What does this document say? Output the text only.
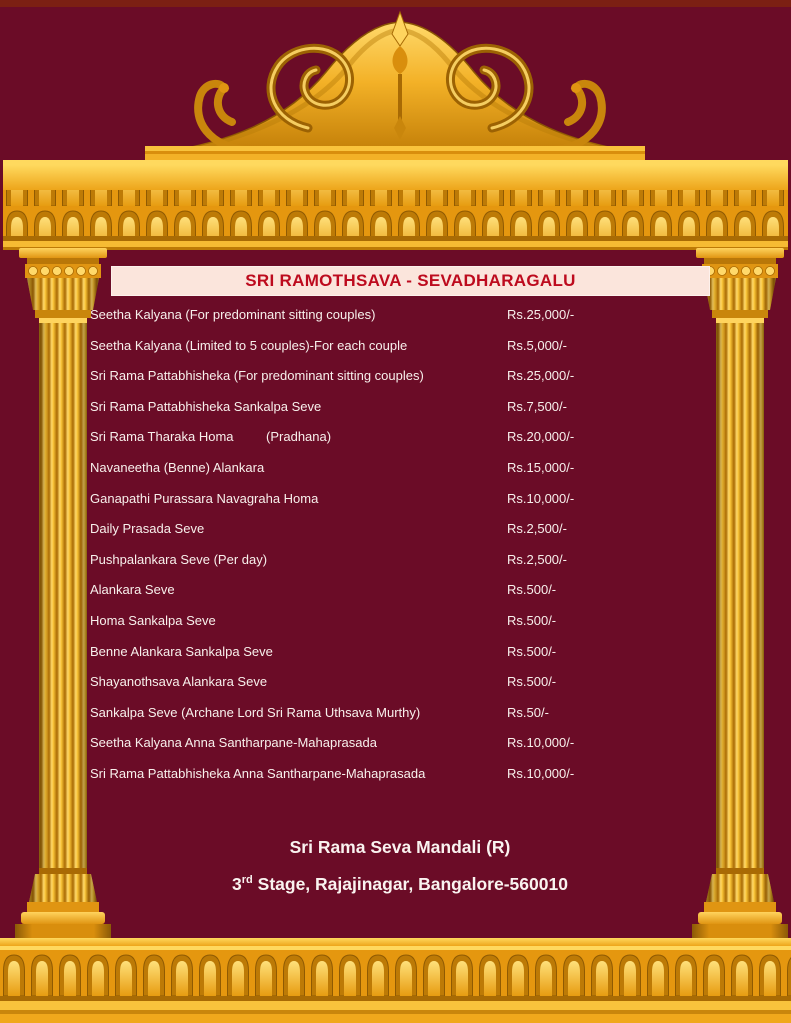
SRI RAMOTHSAVA - SEVADHARAGALU
Seetha Kalyana (For predominant sitting couples)	Rs.25,000/-
Seetha Kalyana (Limited to 5 couples)-For each couple	Rs.5,000/-
Sri Rama Pattabhisheka (For predominant sitting couples)	Rs.25,000/-
Sri Rama Pattabhisheka Sankalpa Seve	Rs.7,500/-
Sri Rama Tharaka Homa         (Pradhana)	Rs.20,000/-
Navaneetha (Benne) Alankara	Rs.15,000/-
Ganapathi Purassara Navagraha Homa	Rs.10,000/-
Daily Prasada Seve	Rs.2,500/-
Pushpalankara Seve (Per day)	Rs.2,500/-
Alankara Seve	Rs.500/-
Homa Sankalpa Seve	Rs.500/-
Benne Alankara Sankalpa Seve	Rs.500/-
Shayanothsava Alankara Seve	Rs.500/-
Sankalpa Seve (Archane Lord Sri Rama Uthsava Murthy)	Rs.50/-
Seetha Kalyana Anna Santharpane-Mahaprasada	Rs.10,000/-
Sri Rama Pattabhisheka Anna Santharpane-Mahaprasada	Rs.10,000/-
Sri Rama Seva Mandali (R)
3rd Stage, Rajajinagar, Bangalore-560010
